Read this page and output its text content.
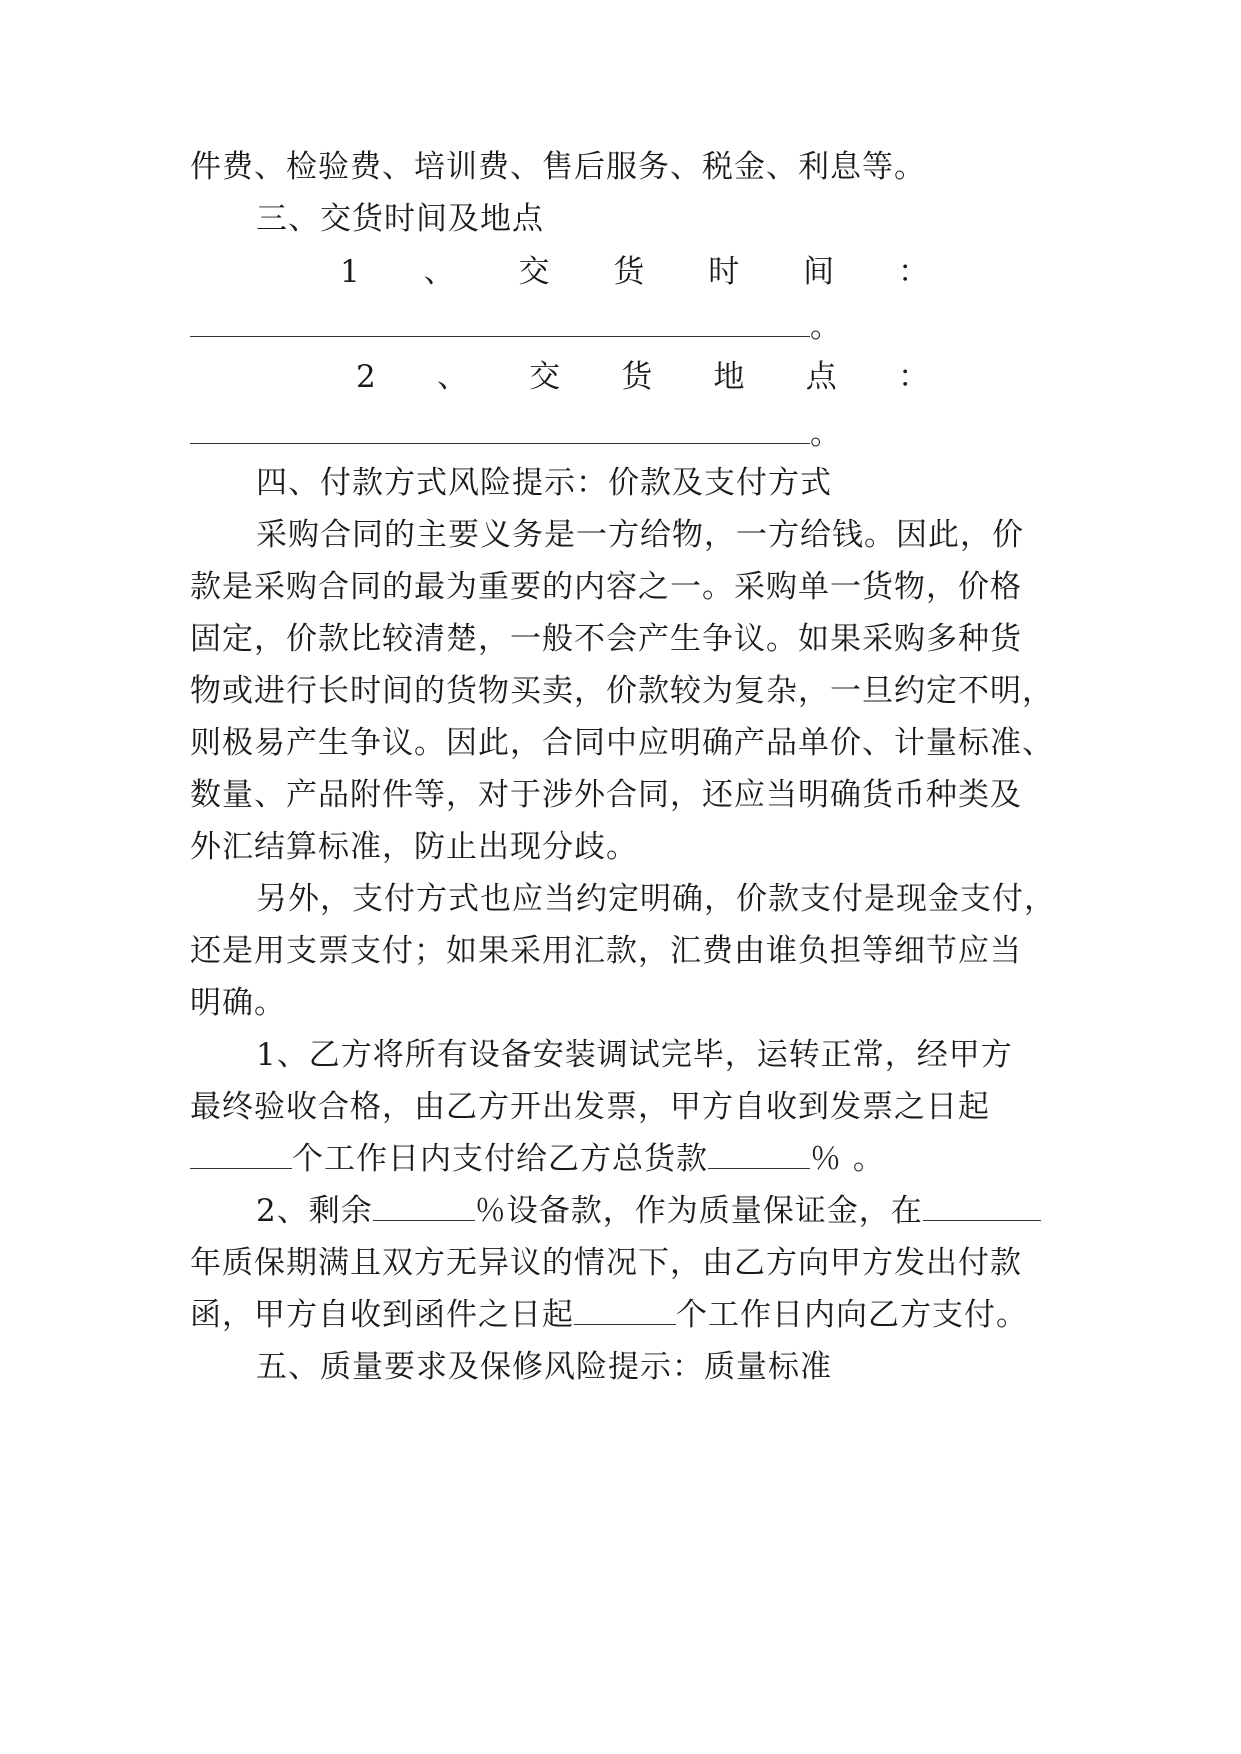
件费、检验费、培训费、售后服务、税金、利息等。
三、交货时间及地点
1 、 交 货 时 间 ：
。
2 、 交 货 地 点 ：
。
四、付款方式风险提示：价款及支付方式
采购合同的主要义务是一方给物，一方给钱。因此，价
款是采购合同的最为重要的内容之一。采购单一货物，价格
固定，价款比较清楚，一般不会产生争议。如果采购多种货
物或进行长时间的货物买卖，价款较为复杂，一旦约定不明，
则极易产生争议。因此，合同中应明确产品单价、计量标准、
数量、产品附件等，对于涉外合同，还应当明确货币种类及
外汇结算标准，防止出现分歧。
另外，支付方式也应当约定明确，价款支付是现金支付，
还是用支票支付；如果采用汇款，汇费由谁负担等细节应当
明确。
1、乙方将所有设备安装调试完毕，运转正常，经甲方
最终验收合格，由乙方开出发票，甲方自收到发票之日起
个工作日内支付给乙方总货款	％ 。
2、剩余	％设备款，作为质量保证金，在
年质保期满且双方无异议的情况下，由乙方向甲方发出付款
函，甲方自收到函件之日起	个工作日内向乙方支付。
五、质量要求及保修风险提示：质量标准
